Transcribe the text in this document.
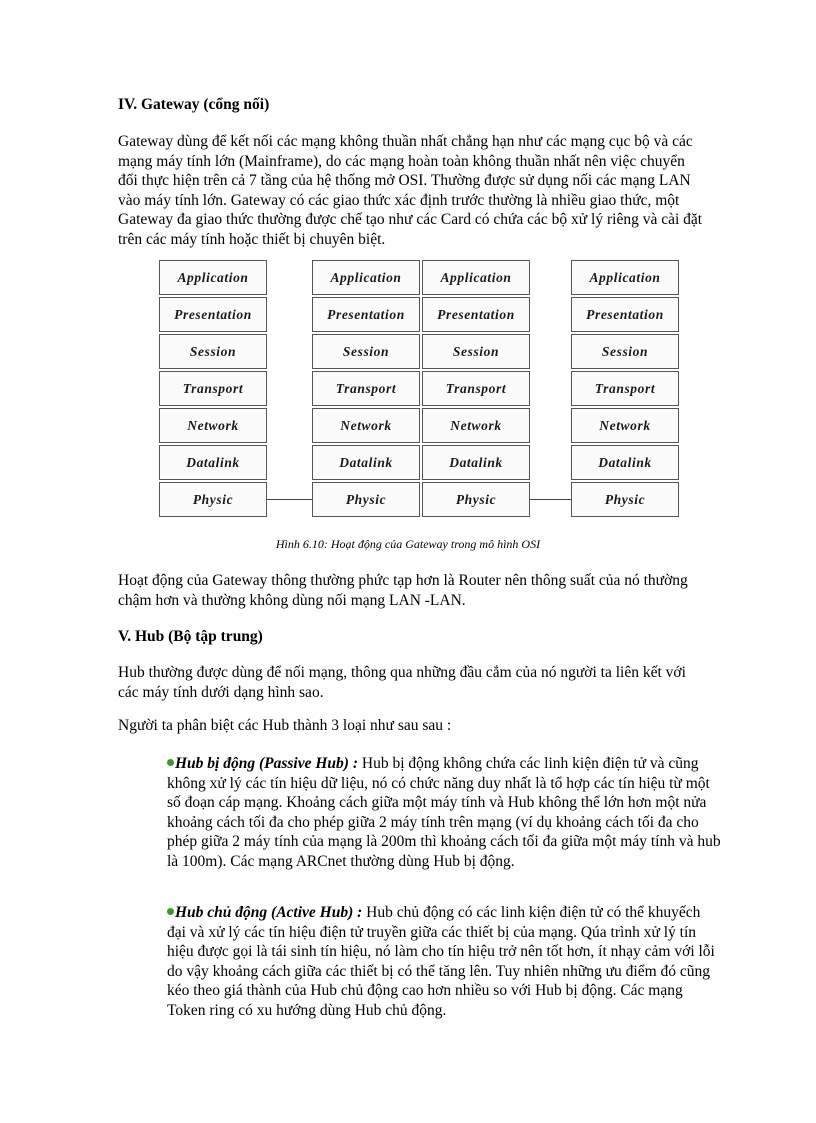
IV. Gateway (cổng nối)

Gateway dùng để kết nối các mạng không thuần nhất chẳng hạn như các mạng cục bộ và các mạng máy tính lớn (Mainframe), do các mạng hoàn toàn không thuần nhất nên việc chuyển đổi thực hiện trên cả 7 tầng của hệ thống mở OSI. Thường được sử dụng nối các mạng LAN vào máy tính lớn. Gateway có các giao thức xác định trước thường là nhiều giao thức, một Gateway đa giao thức thường được chế tạo như các Card có chứa các bộ xử lý riêng và cài đặt trên các máy tính hoặc thiết bị chuyên biệt.

Application
Presentation
Session
Transport
Network
Datalink
Physic
Application
Presentation
Session
Transport
Network
Datalink
Physic
Application
Presentation
Session
Transport
Network
Datalink
Physic
Application
Presentation
Session
Transport
Network
Datalink
Physic

Hình 6.10: Hoạt động của Gateway trong mô hình OSI

Hoạt động của Gateway thông thường phức tạp hơn là Router nên thông suất của nó thường chậm hơn và thường không dùng nối mạng LAN -LAN.

V. Hub (Bộ tập trung)

Hub thường được dùng để nối mạng, thông qua những đầu cắm của nó người ta liên kết với các máy tính dưới dạng hình sao.

Người ta phân biệt các Hub thành 3 loại như sau sau :

Hub bị động (Passive Hub) : Hub bị động không chứa các linh kiện điện tử và cũng không xử lý các tín hiệu dữ liệu, nó có chức năng duy nhất là tổ hợp các tín hiệu từ một số đoạn cáp mạng. Khoảng cách giữa một máy tính và Hub không thể lớn hơn một nửa khoảng cách tối đa cho phép giữa 2 máy tính trên mạng (ví dụ khoảng cách tối đa cho phép giữa 2 máy tính của mạng là 200m thì khoảng cách tối đa giữa một máy tính và hub là 100m). Các mạng ARCnet thường dùng Hub bị động.

Hub chủ động (Active Hub) : Hub chủ động có các linh kiện điện tử có thể khuyếch đại và xử lý các tín hiệu điện tử truyền giữa các thiết bị của mạng. Qúa trình xử lý tín hiệu được gọi là tái sinh tín hiệu, nó làm cho tín hiệu trở nên tốt hơn, ít nhạy cảm với lỗi do vậy khoảng cách giữa các thiết bị có thể tăng lên. Tuy nhiên những ưu điểm đó cũng kéo theo giá thành của Hub chủ động cao hơn nhiều so với Hub bị động. Các mạng Token ring có xu hướng dùng Hub chủ động.
